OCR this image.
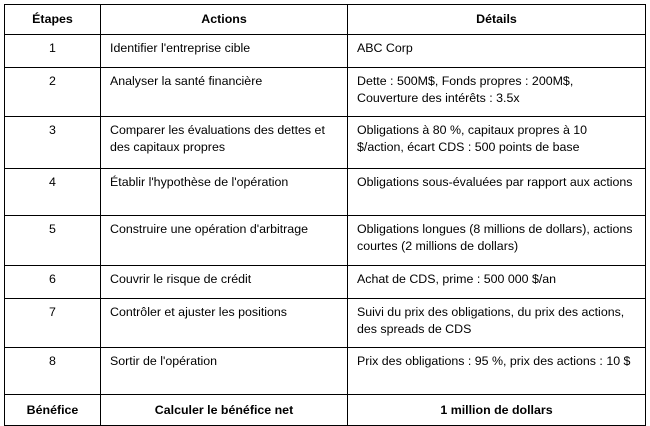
Étapes	Actions	Détails
1	Identifier l'entreprise cible	ABC Corp
2	Analyser la santé financière	Dette : 500M$, Fonds propres : 200M$, Couverture des intérêts : 3.5x
3	Comparer les évaluations des dettes et des capitaux propres	Obligations à 80 %, capitaux propres à 10 $/action, écart CDS : 500 points de base
4	Établir l'hypothèse de l'opération	Obligations sous-évaluées par rapport aux actions
5	Construire une opération d'arbitrage	Obligations longues (8 millions de dollars), actions courtes (2 millions de dollars)
6	Couvrir le risque de crédit	Achat de CDS, prime : 500 000 $/an
7	Contrôler et ajuster les positions	Suivi du prix des obligations, du prix des actions, des spreads de CDS
8	Sortir de l'opération	Prix des obligations : 95 %, prix des actions : 10 $
Bénéfice	Calculer le bénéfice net	1 million de dollars
